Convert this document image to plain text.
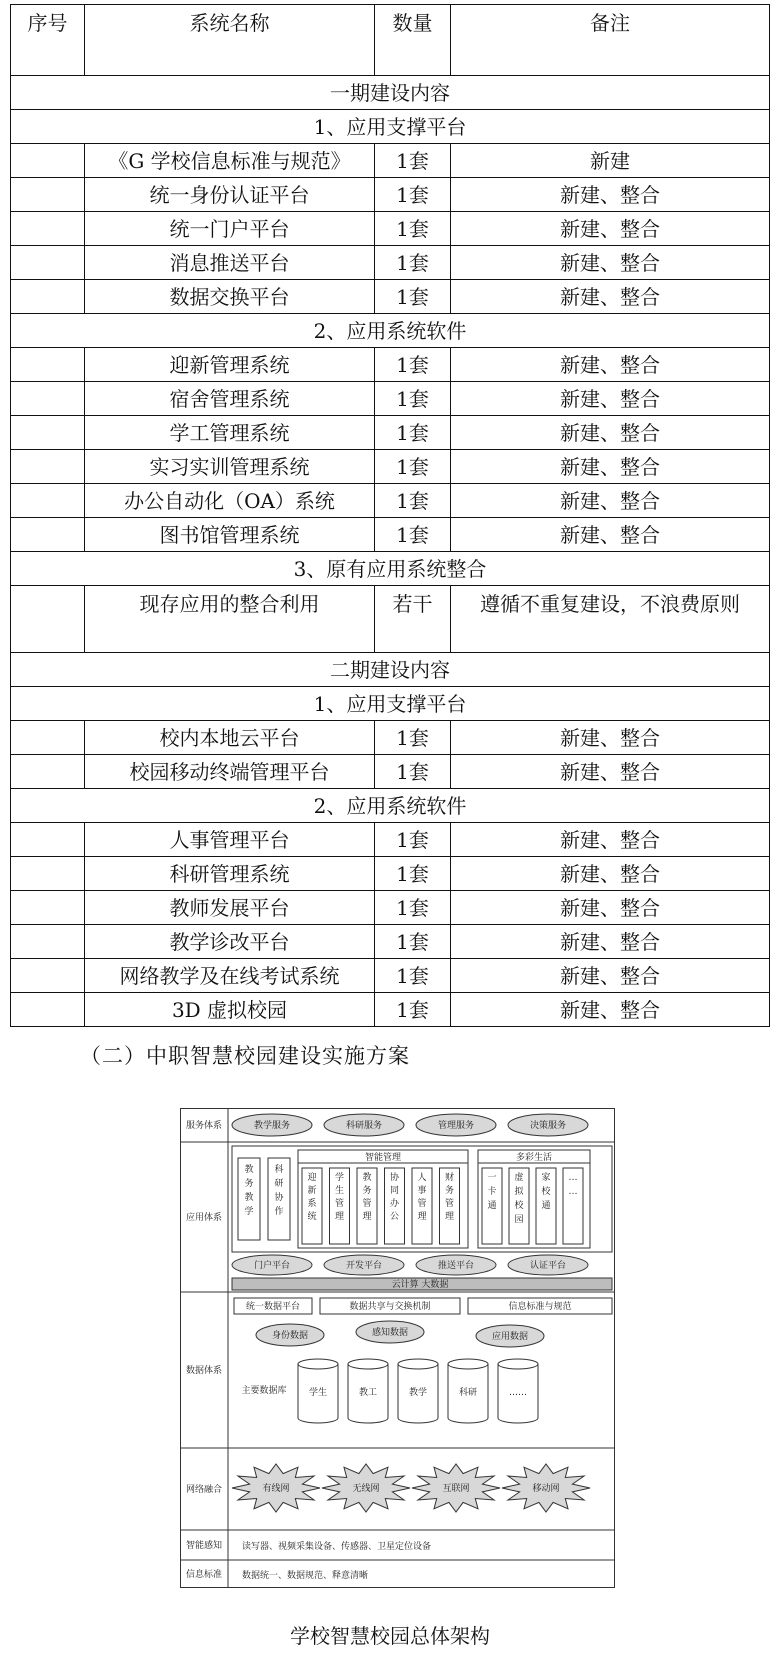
序号	系统名称	数量	备注
一期建设内容			
1、应用支撑平台			
	《G 学校信息标准与规范》	1套	新建
	统一身份认证平台	1套	新建、整合
	统一门户平台	1套	新建、整合
	消息推送平台	1套	新建、整合
	数据交换平台	1套	新建、整合
2、应用系统软件			
	迎新管理系统	1套	新建、整合
	宿舍管理系统	1套	新建、整合
	学工管理系统	1套	新建、整合
	实习实训管理系统	1套	新建、整合
	办公自动化（OA）系统	1套	新建、整合
	图书馆管理系统	1套	新建、整合
3、原有应用系统整合			
	现存应用的整合利用	若干	遵循不重复建设，不浪费原则
二期建设内容			
1、应用支撑平台			
	校内本地云平台	1套	新建、整合
	校园移动终端管理平台	1套	新建、整合
2、应用系统软件			
	人事管理平台	1套	新建、整合
	科研管理系统	1套	新建、整合
	教师发展平台	1套	新建、整合
	教学诊改平台	1套	新建、整合
	网络教学及在线考试系统	1套	新建、整合
	3D 虚拟校园	1套	新建、整合
（二）中职智慧校园建设实施方案
服务体系
应用体系
数据体系
网络融合
智能感知
信息标准
教学服务	科研服务	管理服务	决策服务
教务教学
科研协作
智能管理
迎新系统
学生管理
教务管理
协同办公
人事管理
财务管理
多彩生活
一卡通
虚拟校园
家校通
… …
门户平台	开发平台	推送平台	认证平台
云计算 大数据
统一数据平台	数据共享与交换机制	信息标准与规范
身份数据	感知数据	应用数据
主要数据库 学生	教工	教学	科研	……
有线网	无线网	互联网	移动网
读写器、视频采集设备、传感器、卫星定位设备
数据统一、数据规范、释意清晰
学校智慧校园总体架构
